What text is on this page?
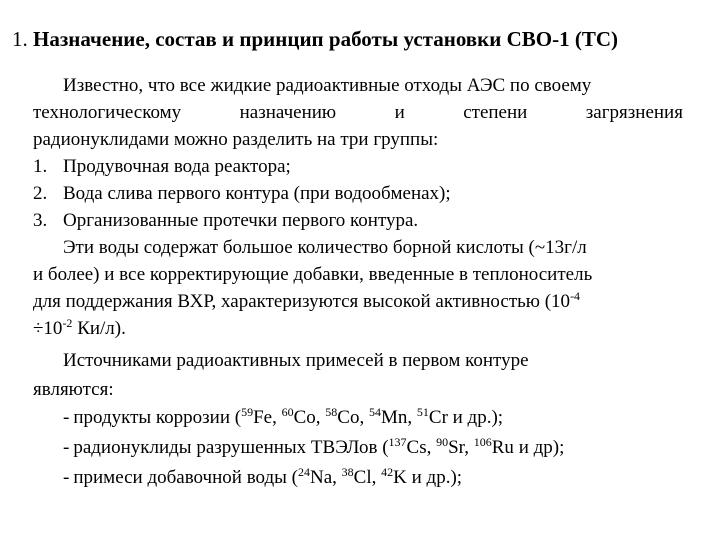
1. Назначение, состав и принцип работы установки СВО-1 (ТС)
Известно, что все жидкие радиоактивные отходы АЭС по своему
технологическому	назначению	и	степени	загрязнения
радионуклидами можно разделить на три группы:
1. Продувочная вода реактора;
2. Вода слива первого контура (при водообменах);
3. Организованные протечки первого контура.
Эти воды содержат большое количество борной кислоты (~13г/л
и более) и все корректирующие добавки, введенные в теплоноситель
для поддержания ВХР, характеризуются высокой активностью ($10^{-4}$
$\div 10^{-2}$ Ки/л).
Источниками радиоактивных примесей в первом контуре
являются:
- продукты коррозии ($^{59}$Fe, $^{60}$Co, $^{58}$Co, $^{54}$Mn, $^{51}$Cr и др.);
- радионуклиды разрушенных ТВЭЛов ($^{137}$Cs, $^{90}$Sr, $^{106}$Ru и др);
- примеси добавочной воды ($^{24}$Na, $^{38}$Cl, $^{42}$K и др.);
